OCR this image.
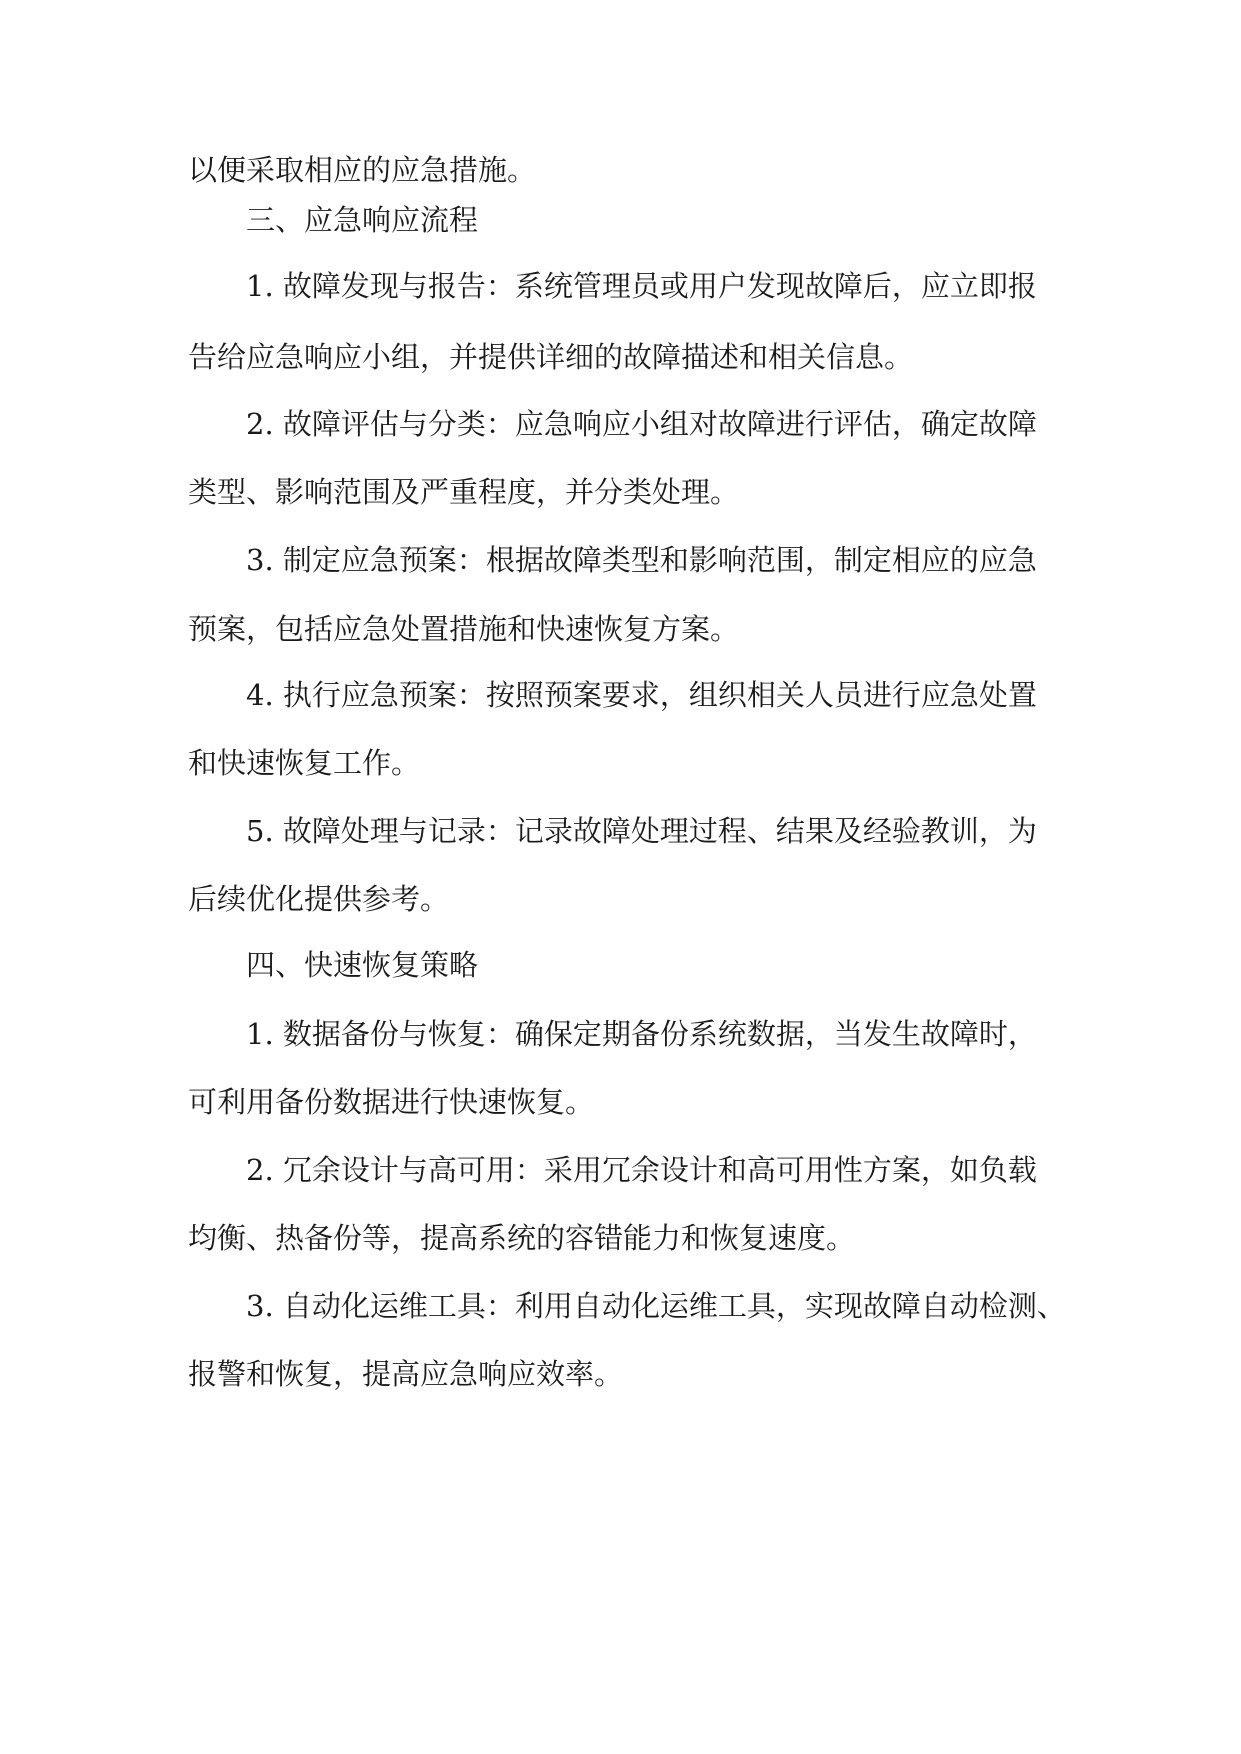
以便采取相应的应急措施。
三、应急响应流程
1. 故障发现与报告：系统管理员或用户发现故障后，应立即报
告给应急响应小组，并提供详细的故障描述和相关信息。
2. 故障评估与分类：应急响应小组对故障进行评估，确定故障
类型、影响范围及严重程度，并分类处理。
3. 制定应急预案：根据故障类型和影响范围，制定相应的应急
预案，包括应急处置措施和快速恢复方案。
4. 执行应急预案：按照预案要求，组织相关人员进行应急处置
和快速恢复工作。
5. 故障处理与记录：记录故障处理过程、结果及经验教训，为
后续优化提供参考。
四、快速恢复策略
1. 数据备份与恢复：确保定期备份系统数据，当发生故障时，
可利用备份数据进行快速恢复。
2. 冗余设计与高可用：采用冗余设计和高可用性方案，如负载
均衡、热备份等，提高系统的容错能力和恢复速度。
3. 自动化运维工具：利用自动化运维工具，实现故障自动检测、
报警和恢复，提高应急响应效率。
